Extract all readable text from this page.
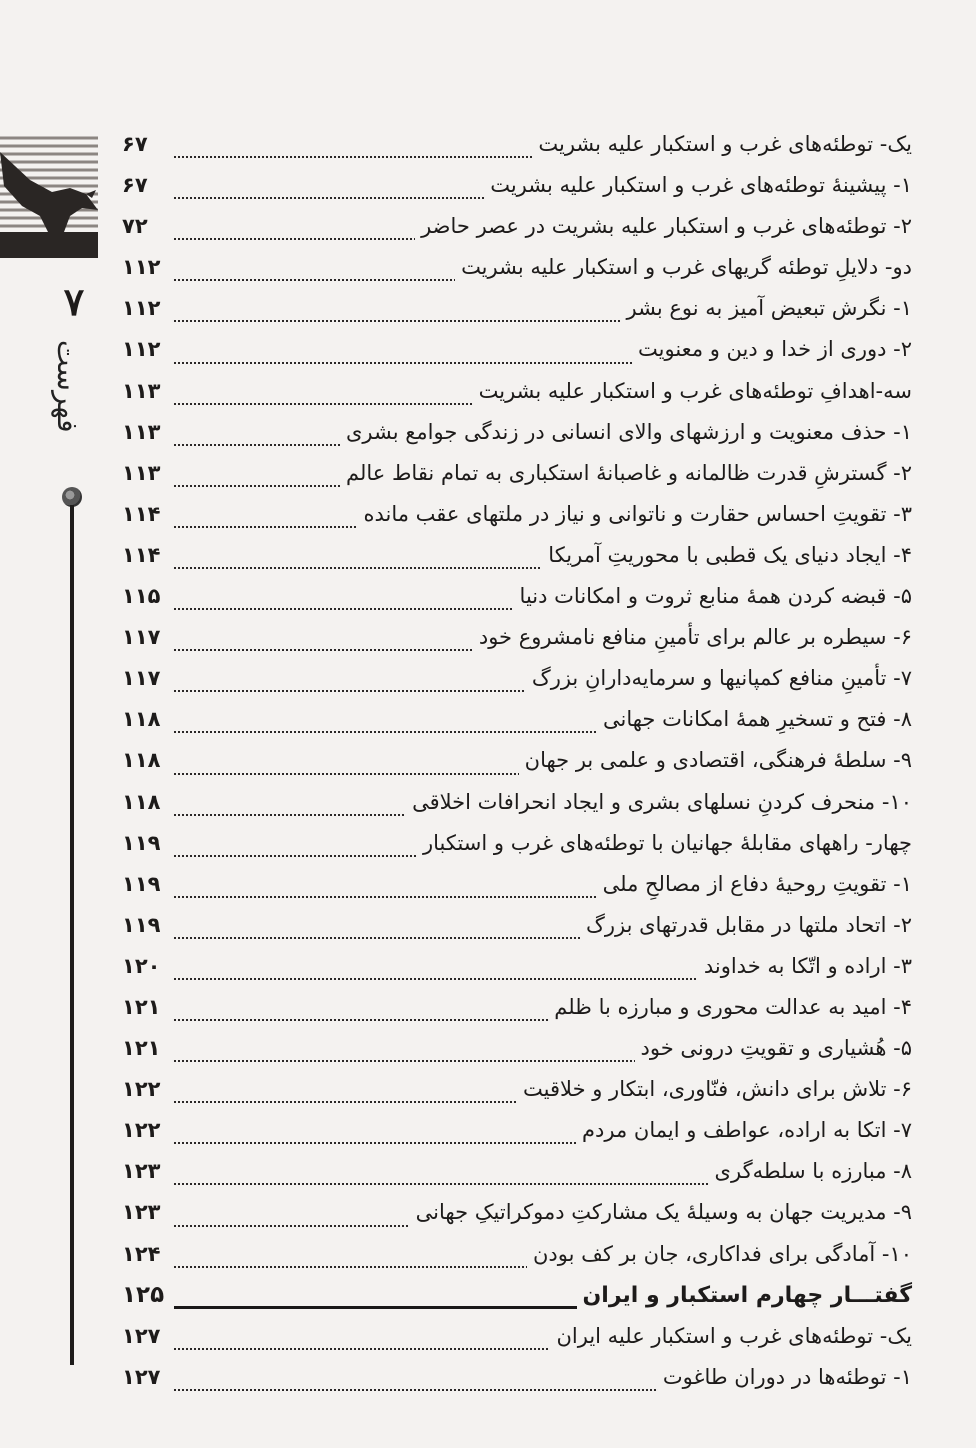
۷
فهرست
یک- توطئه‌های غرب و استکبار علیه بشریت
۶۷
۱- پیشینهٔ توطئه‌های غرب و استکبار علیه بشریت
۶۷
۲- توطئه‌های غرب و استکبار علیه بشریت در عصر حاضر
۷۲
دو- دلایلِ توطئه گریهای غرب و استکبار علیه بشریت
۱۱۲
۱- نگرش تبعیض آمیز به نوع بشر
۱۱۲
۲- دوری از خدا و دین و معنویت
۱۱۲
سه-اهدافِ توطئه‌های غرب و استکبار علیه بشریت
۱۱۳
۱- حذف معنویت و ارزشهای والای انسانی در زندگی جوامع بشری
۱۱۳
۲- گسترشِ قدرت ظالمانه و غاصبانهٔ استکباری به تمام نقاط عالم
۱۱۳
۳- تقویتِ احساس حقارت و ناتوانی و نیاز در ملتهای عقب مانده
۱۱۴
۴- ایجاد دنیای یک قطبی با محوریتِ آمریکا
۱۱۴
۵- قبضه کردن همهٔ منابع ثروت و امکانات دنیا
۱۱۵
۶- سیطره بر عالم برای تأمینِ منافع نامشروع خود
۱۱۷
۷- تأمینِ منافع کمپانیها و سرمایه‌دارانِ بزرگ
۱۱۷
۸- فتح و تسخیرِ همهٔ امکانات جهانی
۱۱۸
۹- سلطهٔ فرهنگی، اقتصادی و علمی بر جهان
۱۱۸
۱۰- منحرف کردنِ نسلهای بشری و ایجاد انحرافات اخلاقی
۱۱۸
چهار- راههای مقابلهٔ جهانیان با توطئه‌های غرب و استکبار
۱۱۹
۱- تقویتِ روحیهٔ دفاع از مصالحِ ملی
۱۱۹
۲- اتحاد ملتها در مقابل قدرتهای بزرگ
۱۱۹
۳- اراده و اتّکا به خداوند
۱۲۰
۴- امید به عدالت محوری و مبارزه با ظلم
۱۲۱
۵- هُشیاری و تقویتِ درونی خود
۱۲۱
۶- تلاش برای دانش، فنّاوری، ابتکار و خلاقیت
۱۲۲
۷- اتکا به اراده، عواطف و ایمان مردم
۱۲۲
۸- مبارزه با سلطه‌گری
۱۲۳
۹- مدیریت جهان به وسیلهٔ یک مشارکتِ دموکراتیکِ جهانی
۱۲۳
۱۰- آمادگی برای فداکاری، جان بر کف بودن
۱۲۴
گفتـــار چهارم استکبار و ایران
۱۲۵
یک- توطئه‌های غرب و استکبار علیه ایران
۱۲۷
۱- توطئه‌ها در دوران طاغوت
۱۲۷
